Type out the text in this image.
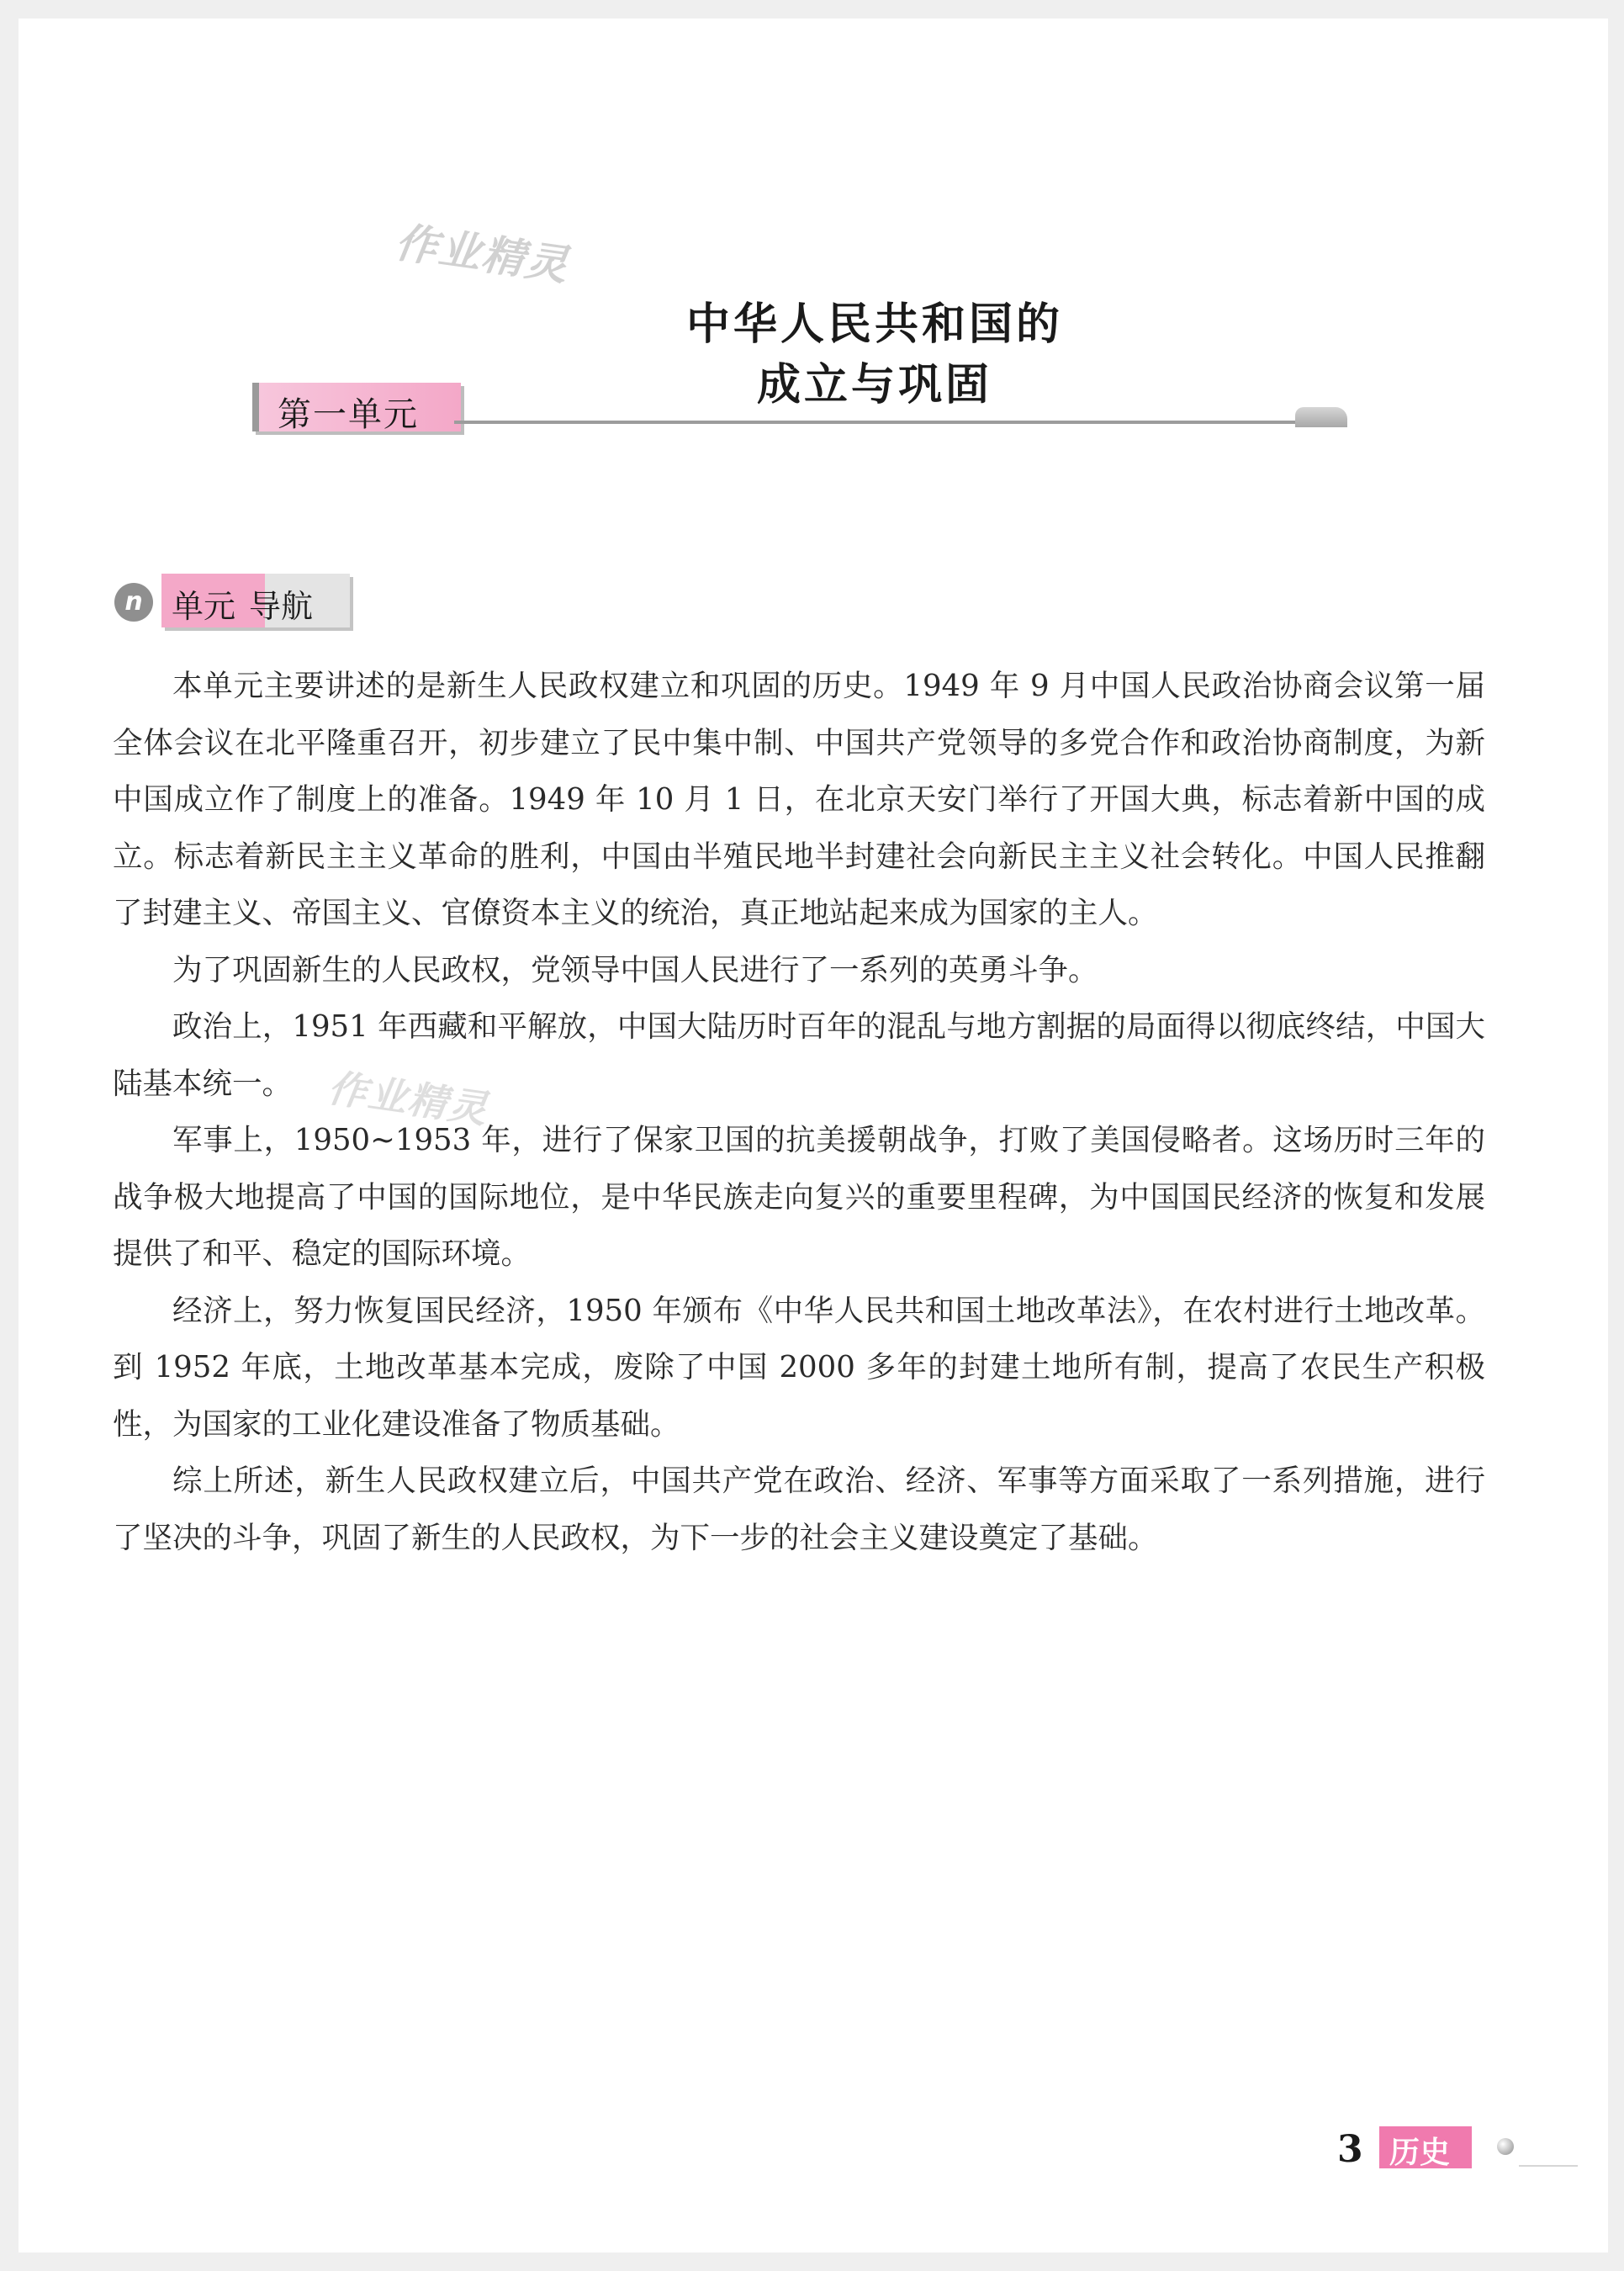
作业精灵
作业精灵
中华人民共和国的
成立与巩固
第一单元
n 单元 导航

本单元主要讲述的是新生人民政权建立和巩固的历史。1949 年 9 月中国人民政治协商会议第一届全体会议在北平隆重召开，初步建立了民中集中制、中国共产党领导的多党合作和政治协商制度，为新中国成立作了制度上的准备。1949 年 10 月 1 日，在北京天安门举行了开国大典，标志着新中国的成立。标志着新民主主义革命的胜利，中国由半殖民地半封建社会向新民主主义社会转化。中国人民推翻了封建主义、帝国主义、官僚资本主义的统治，真正地站起来成为国家的主人。

为了巩固新生的人民政权，党领导中国人民进行了一系列的英勇斗争。

政治上，1951 年西藏和平解放，中国大陆历时百年的混乱与地方割据的局面得以彻底终结，中国大陆基本统一。

军事上，1950~1953 年，进行了保家卫国的抗美援朝战争，打败了美国侵略者。这场历时三年的战争极大地提高了中国的国际地位，是中华民族走向复兴的重要里程碑，为中国国民经济的恢复和发展提供了和平、稳定的国际环境。

经济上，努力恢复国民经济，1950 年颁布《中华人民共和国土地改革法》，在农村进行土地改革。到 1952 年底，土地改革基本完成，废除了中国 2000 多年的封建土地所有制，提高了农民生产积极性，为国家的工业化建设准备了物质基础。

综上所述，新生人民政权建立后，中国共产党在政治、经济、军事等方面采取了一系列措施，进行了坚决的斗争，巩固了新生的人民政权，为下一步的社会主义建设奠定了基础。

3 历史
